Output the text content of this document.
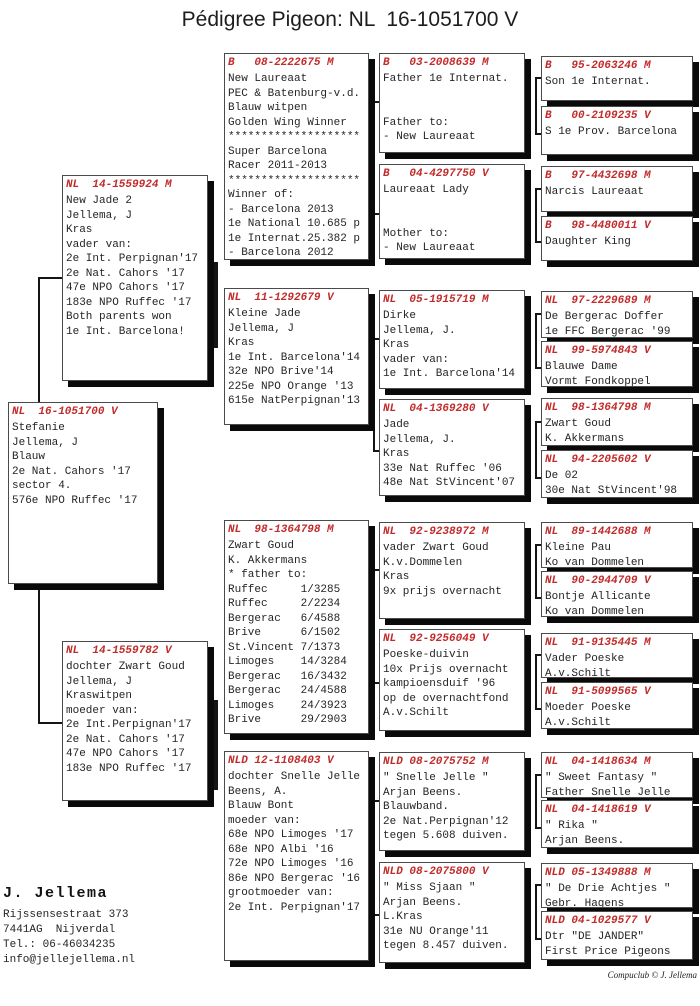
Pédigree Pigeon: NL  16-1051700 V
NL  14-1559924 M
New Jade 2
Jellema, J
Kras
vader van:
2e Int. Perpignan'17
2e Nat. Cahors '17
47e NPO Cahors '17
183e NPO Ruffec '17
Both parents won
1e Int. Barcelona!
NL  16-1051700 V
Stefanie
Jellema, J
Blauw
2e Nat. Cahors '17
sector 4.
576e NPO Ruffec '17
NL  14-1559782 V
dochter Zwart Goud
Jellema, J
Kraswitpen
moeder van:
2e Int.Perpignan'17
2e Nat. Cahors '17
47e NPO Cahors '17
183e NPO Ruffec '17
B   08-2222675 M
New Laureaat
PEC & Batenburg-v.d.
Blauw witpen
Golden Wing Winner
********************
Super Barcelona
Racer 2011-2013
********************
Winner of:
- Barcelona 2013
1e National 10.685 p
1e Internat.25.382 p
- Barcelona 2012
NL  11-1292679 V
Kleine Jade
Jellema, J
Kras
1e Int. Barcelona'14
32e NPO Brive'14
225e NPO Orange '13
615e NatPerpignan'13
NL  98-1364798 M
Zwart Goud
K. Akkermans
* father to:
Ruffec     1/3285
Ruffec     2/2234
Bergerac   6/4588
Brive      6/1502
St.Vincent 7/1373
Limoges    14/3284
Bergerac   16/3432
Bergerac   24/4588
Limoges    24/3923
Brive      29/2903
NLD 12-1108403 V
dochter Snelle Jelle
Beens, A.
Blauw Bont
moeder van:
68e NPO Limoges '17
68e NPO Albi '16
72e NPO Limoges '16
86e NPO Bergerac '16
grootmoeder van:
2e Int. Perpignan'17
B   03-2008639 M
Father 1e Internat.
Father to:
- New Laureaat
B   04-4297750 V
Laureaat Lady
Mother to:
- New Laureaat
NL  05-1915719 M
Dirke
Jellema, J.
Kras
vader van:
1e Int. Barcelona'14
NL  04-1369280 V
Jade
Jellema, J.
Kras
33e Nat Ruffec '06
48e Nat StVincent'07
NL  92-9238972 M
vader Zwart Goud
K.v.Dommelen
Kras
9x prijs overnacht
NL  92-9256049 V
Poeske-duivin
10x Prijs overnacht
kampioensduif '96
op de overnachtfond
A.v.Schilt
NLD 08-2075752 M
" Snelle Jelle "
Arjan Beens.
Blauwband.
2e Nat.Perpignan'12
tegen 5.608 duiven.
NLD 08-2075800 V
" Miss Sjaan "
Arjan Beens.
L.Kras
31e NU Orange'11
tegen 8.457 duiven.
B   95-2063246 M
Son 1e Internat.
B   00-2109235 V
S 1e Prov. Barcelona
B   97-4432698 M
Narcis Laureaat
B   98-4480011 V
Daughter King
NL  97-2229689 M
De Bergerac Doffer
1e FFC Bergerac '99
NL  99-5974843 V
Blauwe Dame
Vormt Fondkoppel
NL  98-1364798 M
Zwart Goud
K. Akkermans
NL  94-2205602 V
De 02
30e Nat StVincent'98
NL  89-1442688 M
Kleine Pau
Ko van Dommelen
NL  90-2944709 V
Bontje Allicante
Ko van Dommelen
NL  91-9135445 M
Vader Poeske
A.v.Schilt
NL  91-5099565 V
Moeder Poeske
A.v.Schilt
NL  04-1418634 M
" Sweet Fantasy "
Father Snelle Jelle
NL  04-1418619 V
" Rika "
Arjan Beens.
NLD 05-1349888 M
" De Drie Achtjes "
Gebr. Hagens
NLD 04-1029577 V
Dtr "DE JANDER"
First Price Pigeons
J. Jellema
Rijssensestraat 373
7441AG  Nijverdal
Tel.: 06-46034235
info@jellejellema.nl
Compuclub © J. Jellema
